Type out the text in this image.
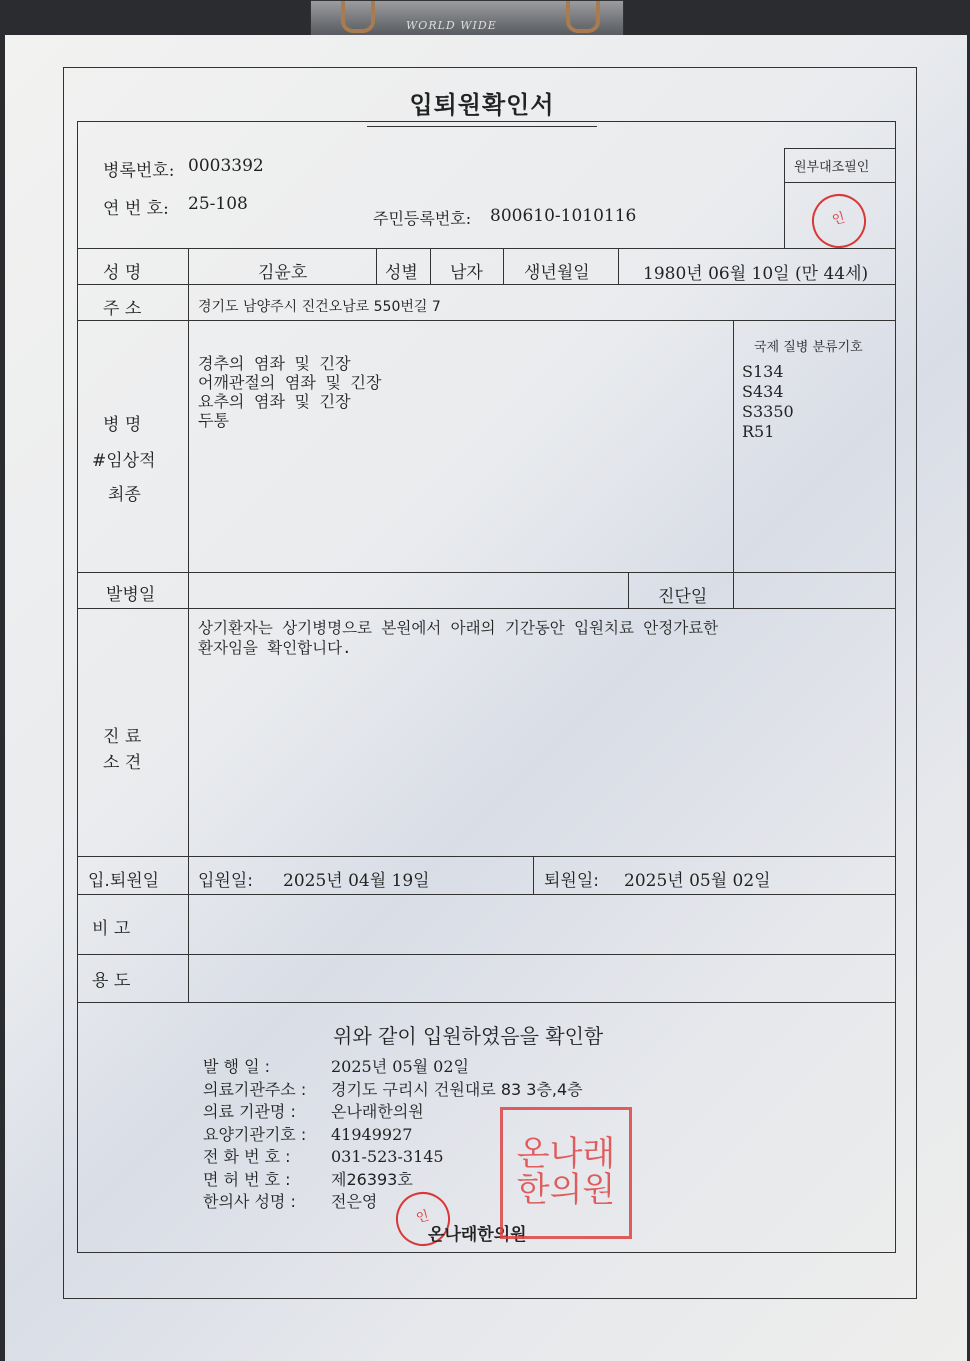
WORLD WIDE
입퇴원확인서
병록번호: 0003392
연 번 호: 25-108
주민등록번호: 800610-1010116
원부대조필인
인
성 명	김윤호	성별 남자 생년월일	1980년 06월 10일 (만 44세)
주 소	경기도 남양주시 진건오남로 550번길 7
병 명
#임상적
최종
경추의 염좌 및 긴장
어깨관절의 염좌 및 긴장
요추의 염좌 및 긴장
두통
국제 질병 분류기호
S134
S434
S3350
R51
발병일	진단일
진 료
소 견
상기환자는 상기병명으로 본원에서 아래의 기간동안 입원치료 안정가료한
환자임을 확인합니다.
입.퇴원일 입원일: 2025년 04월 19일	퇴원일: 2025년 05월 02일
비 고
용 도
위와 같이 입원하였음을 확인함
발 행 일 :	2025년 05월 02일
의료기관주소 : 경기도 구리시 건원대로 83 3층,4층
의료 기관명 : 온나래한의원
요양기관기호 : 41949927
전 화 번 호 :	031-523-3145
면 허 번 호 :	제26393호
한의사 성명 : 전은영
인
온나래한의원
온나래한의원
